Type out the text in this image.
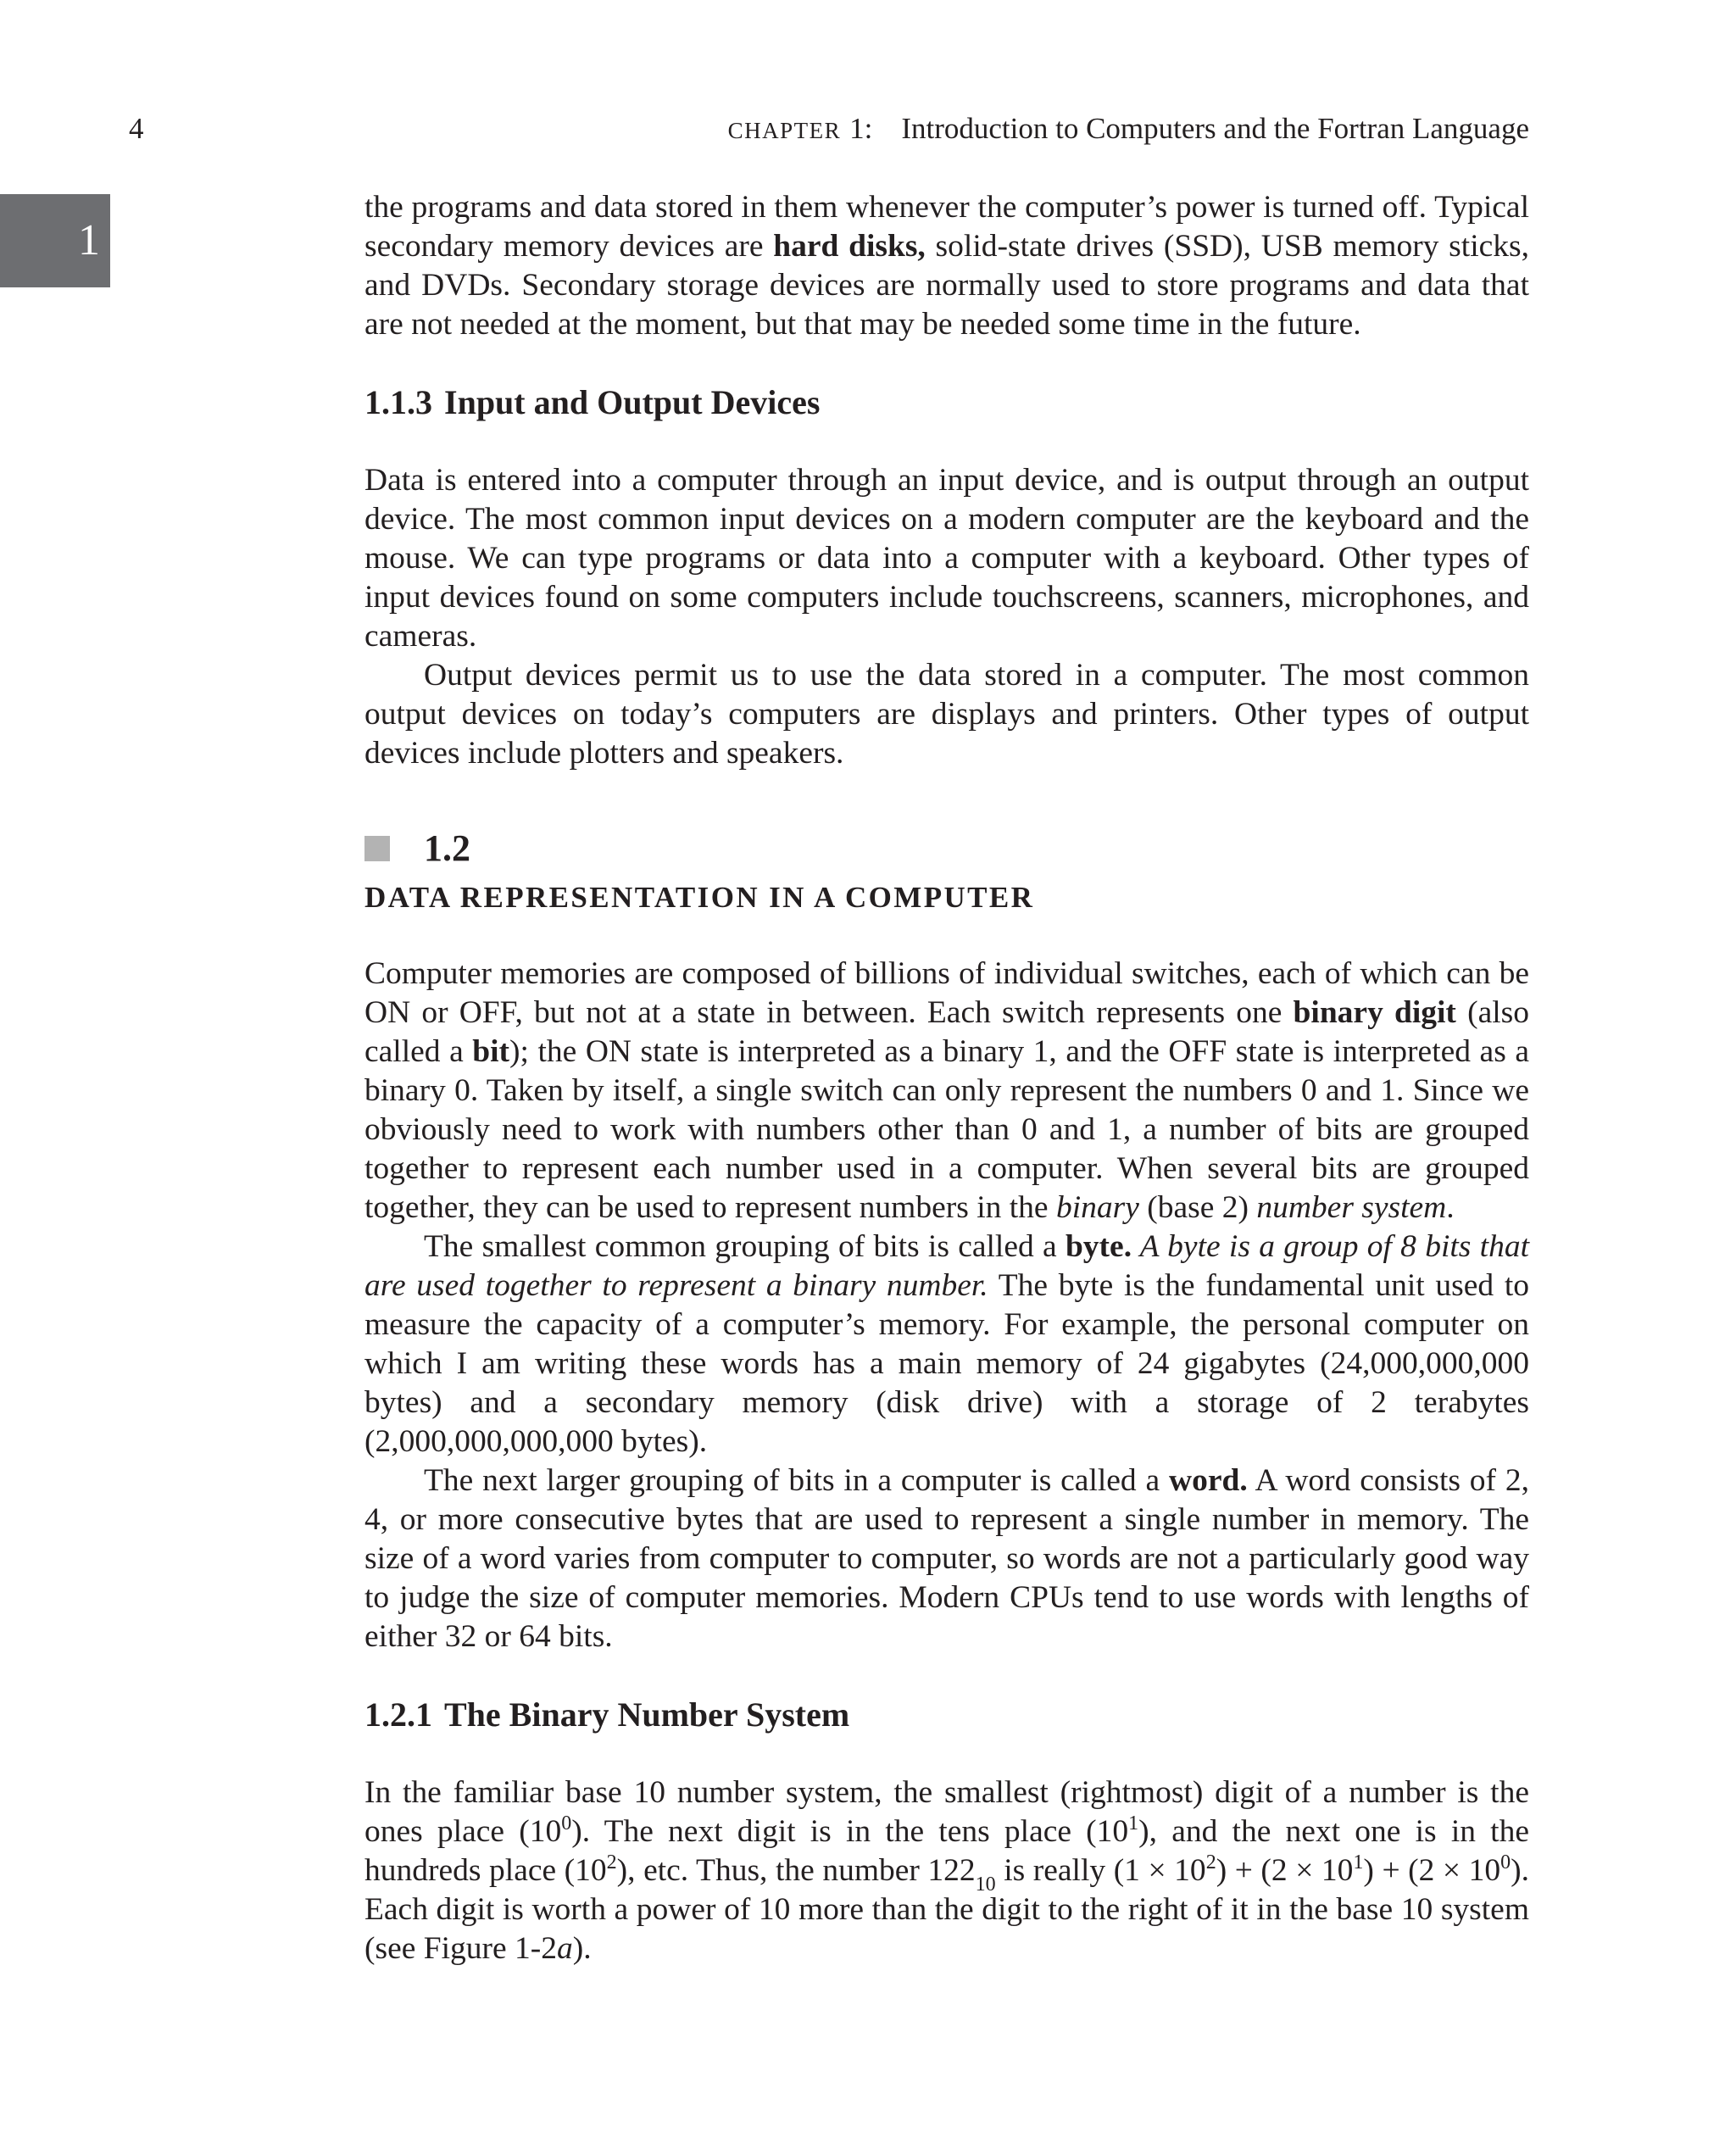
4	CHAPTER 1: Introduction to Computers and the Fortran Language
1

the programs and data stored in them whenever the computer’s power is turned off. Typical secondary memory devices are hard disks, solid-state drives (SSD), USB memory sticks, and DVDs. Secondary storage devices are normally used to store programs and data that are not needed at the moment, but that may be needed some time in the future.

1.1.3 Input and Output Devices

Data is entered into a computer through an input device, and is output through an output device. The most common input devices on a modern computer are the keyboard and the mouse. We can type programs or data into a computer with a keyboard. Other types of input devices found on some computers include touchscreens, scanners, microphones, and cameras.

Output devices permit us to use the data stored in a computer. The most common output devices on today’s computers are displays and printers. Other types of output devices include plotters and speakers.

1.2
DATA REPRESENTATION IN A COMPUTER

Computer memories are composed of billions of individual switches, each of which can be ON or OFF, but not at a state in between. Each switch represents one binary digit (also called a bit); the ON state is interpreted as a binary 1, and the OFF state is interpreted as a binary 0. Taken by itself, a single switch can only represent the numbers 0 and 1. Since we obviously need to work with numbers other than 0 and 1, a number of bits are grouped together to represent each number used in a computer. When several bits are grouped together, they can be used to represent numbers in the binary (base 2) number system.

The smallest common grouping of bits is called a byte. A byte is a group of 8 bits that are used together to represent a binary number. The byte is the fundamental unit used to measure the capacity of a computer’s memory. For example, the personal computer on which I am writing these words has a main memory of 24 gigabytes (24,000,000,000 bytes) and a secondary memory (disk drive) with a storage of 2 terabytes (2,000,000,000,000 bytes).

The next larger grouping of bits in a computer is called a word. A word consists of 2, 4, or more consecutive bytes that are used to represent a single number in memory. The size of a word varies from computer to computer, so words are not a particularly good way to judge the size of computer memories. Modern CPUs tend to use words with lengths of either 32 or 64 bits.

1.2.1 The Binary Number System

In the familiar base 10 number system, the smallest (rightmost) digit of a number is the ones place $(10^0)$. The next digit is in the tens place $(10^1)$, and the next one is in the hundreds place $(10^2)$, etc. Thus, the number $122_{10}$ is really $(1 \times 10^2) + (2 \times 10^1) + (2 \times 10^0)$. Each digit is worth a power of 10 more than the digit to the right of it in the base 10 system (see Figure 1-2a).
